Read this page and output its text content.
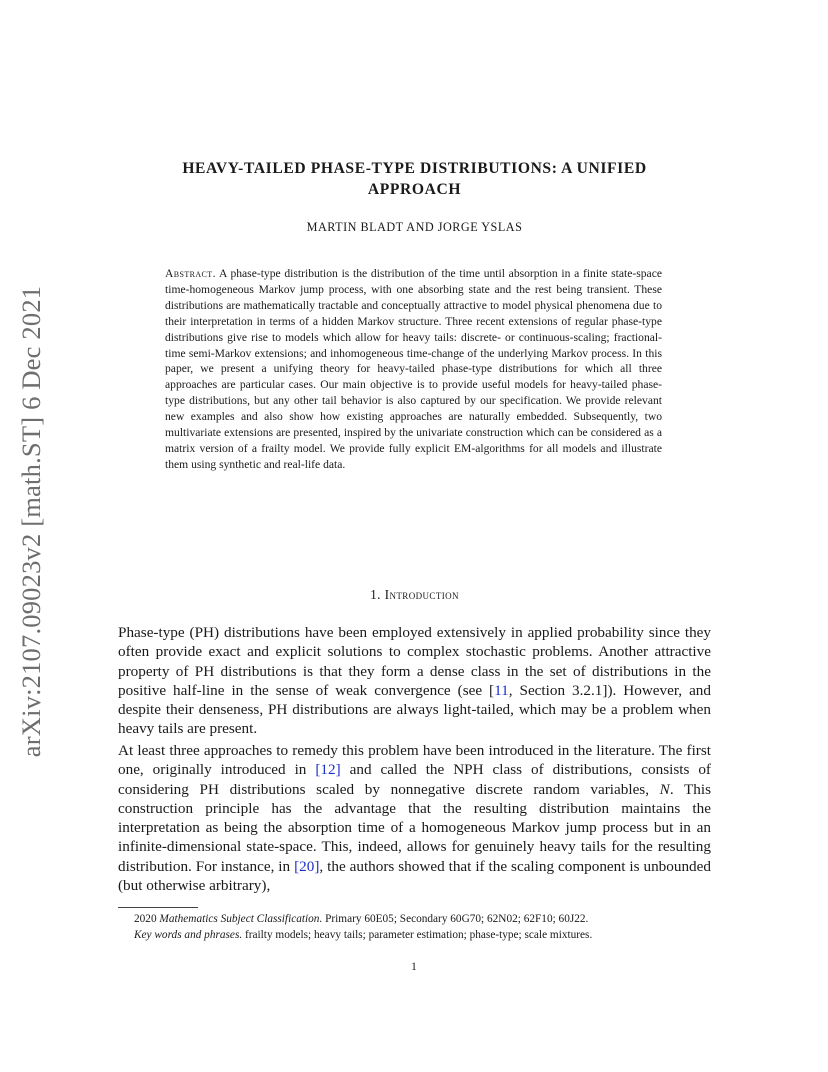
arXiv:2107.09023v2 [math.ST] 6 Dec 2021
HEAVY-TAILED PHASE-TYPE DISTRIBUTIONS: A UNIFIED
APPROACH
MARTIN BLADT AND JORGE YSLAS
Abstract. A phase-type distribution is the distribution of the time until absorption in a finite state-space time-homogeneous Markov jump process, with one absorbing state and the rest being transient. These distributions are mathematically tractable and conceptually attractive to model physical phenomena due to their interpretation in terms of a hidden Markov structure. Three recent extensions of regular phase-type distributions give rise to models which allow for heavy tails: discrete- or continuous-scaling; fractional-time semi-Markov extensions; and inhomogeneous time-change of the underlying Markov process. In this paper, we present a unifying theory for heavy-tailed phase-type distributions for which all three approaches are particular cases. Our main objective is to provide useful models for heavy-tailed phase-type distributions, but any other tail behavior is also captured by our specification. We provide relevant new examples and also show how existing approaches are naturally embedded. Subsequently, two multivariate extensions are presented, inspired by the univariate construction which can be considered as a matrix version of a frailty model. We provide fully explicit EM-algorithms for all models and illustrate them using synthetic and real-life data.
1. Introduction

Phase-type (PH) distributions have been employed extensively in applied probability since they often provide exact and explicit solutions to complex stochastic problems. Another attractive property of PH distributions is that they form a dense class in the set of distributions in the positive half-line in the sense of weak convergence (see [11, Section 3.2.1]). However, and despite their denseness, PH distributions are always light-tailed, which may be a problem when heavy tails are present.

At least three approaches to remedy this problem have been introduced in the literature. The first one, originally introduced in [12] and called the NPH class of distributions, consists of considering PH distributions scaled by nonnegative discrete random variables, N. This construction principle has the advantage that the resulting distribution maintains the interpretation as being the absorption time of a homogeneous Markov jump process but in an infinite-dimensional state-space. This, indeed, allows for genuinely heavy tails for the resulting distribution. For instance, in [20], the authors showed that if the scaling component is unbounded (but otherwise arbitrary),

2020 Mathematics Subject Classification. Primary 60E05; Secondary 60G70; 62N02; 62F10; 60J22.

Key words and phrases. frailty models; heavy tails; parameter estimation; phase-type; scale mixtures.

1
